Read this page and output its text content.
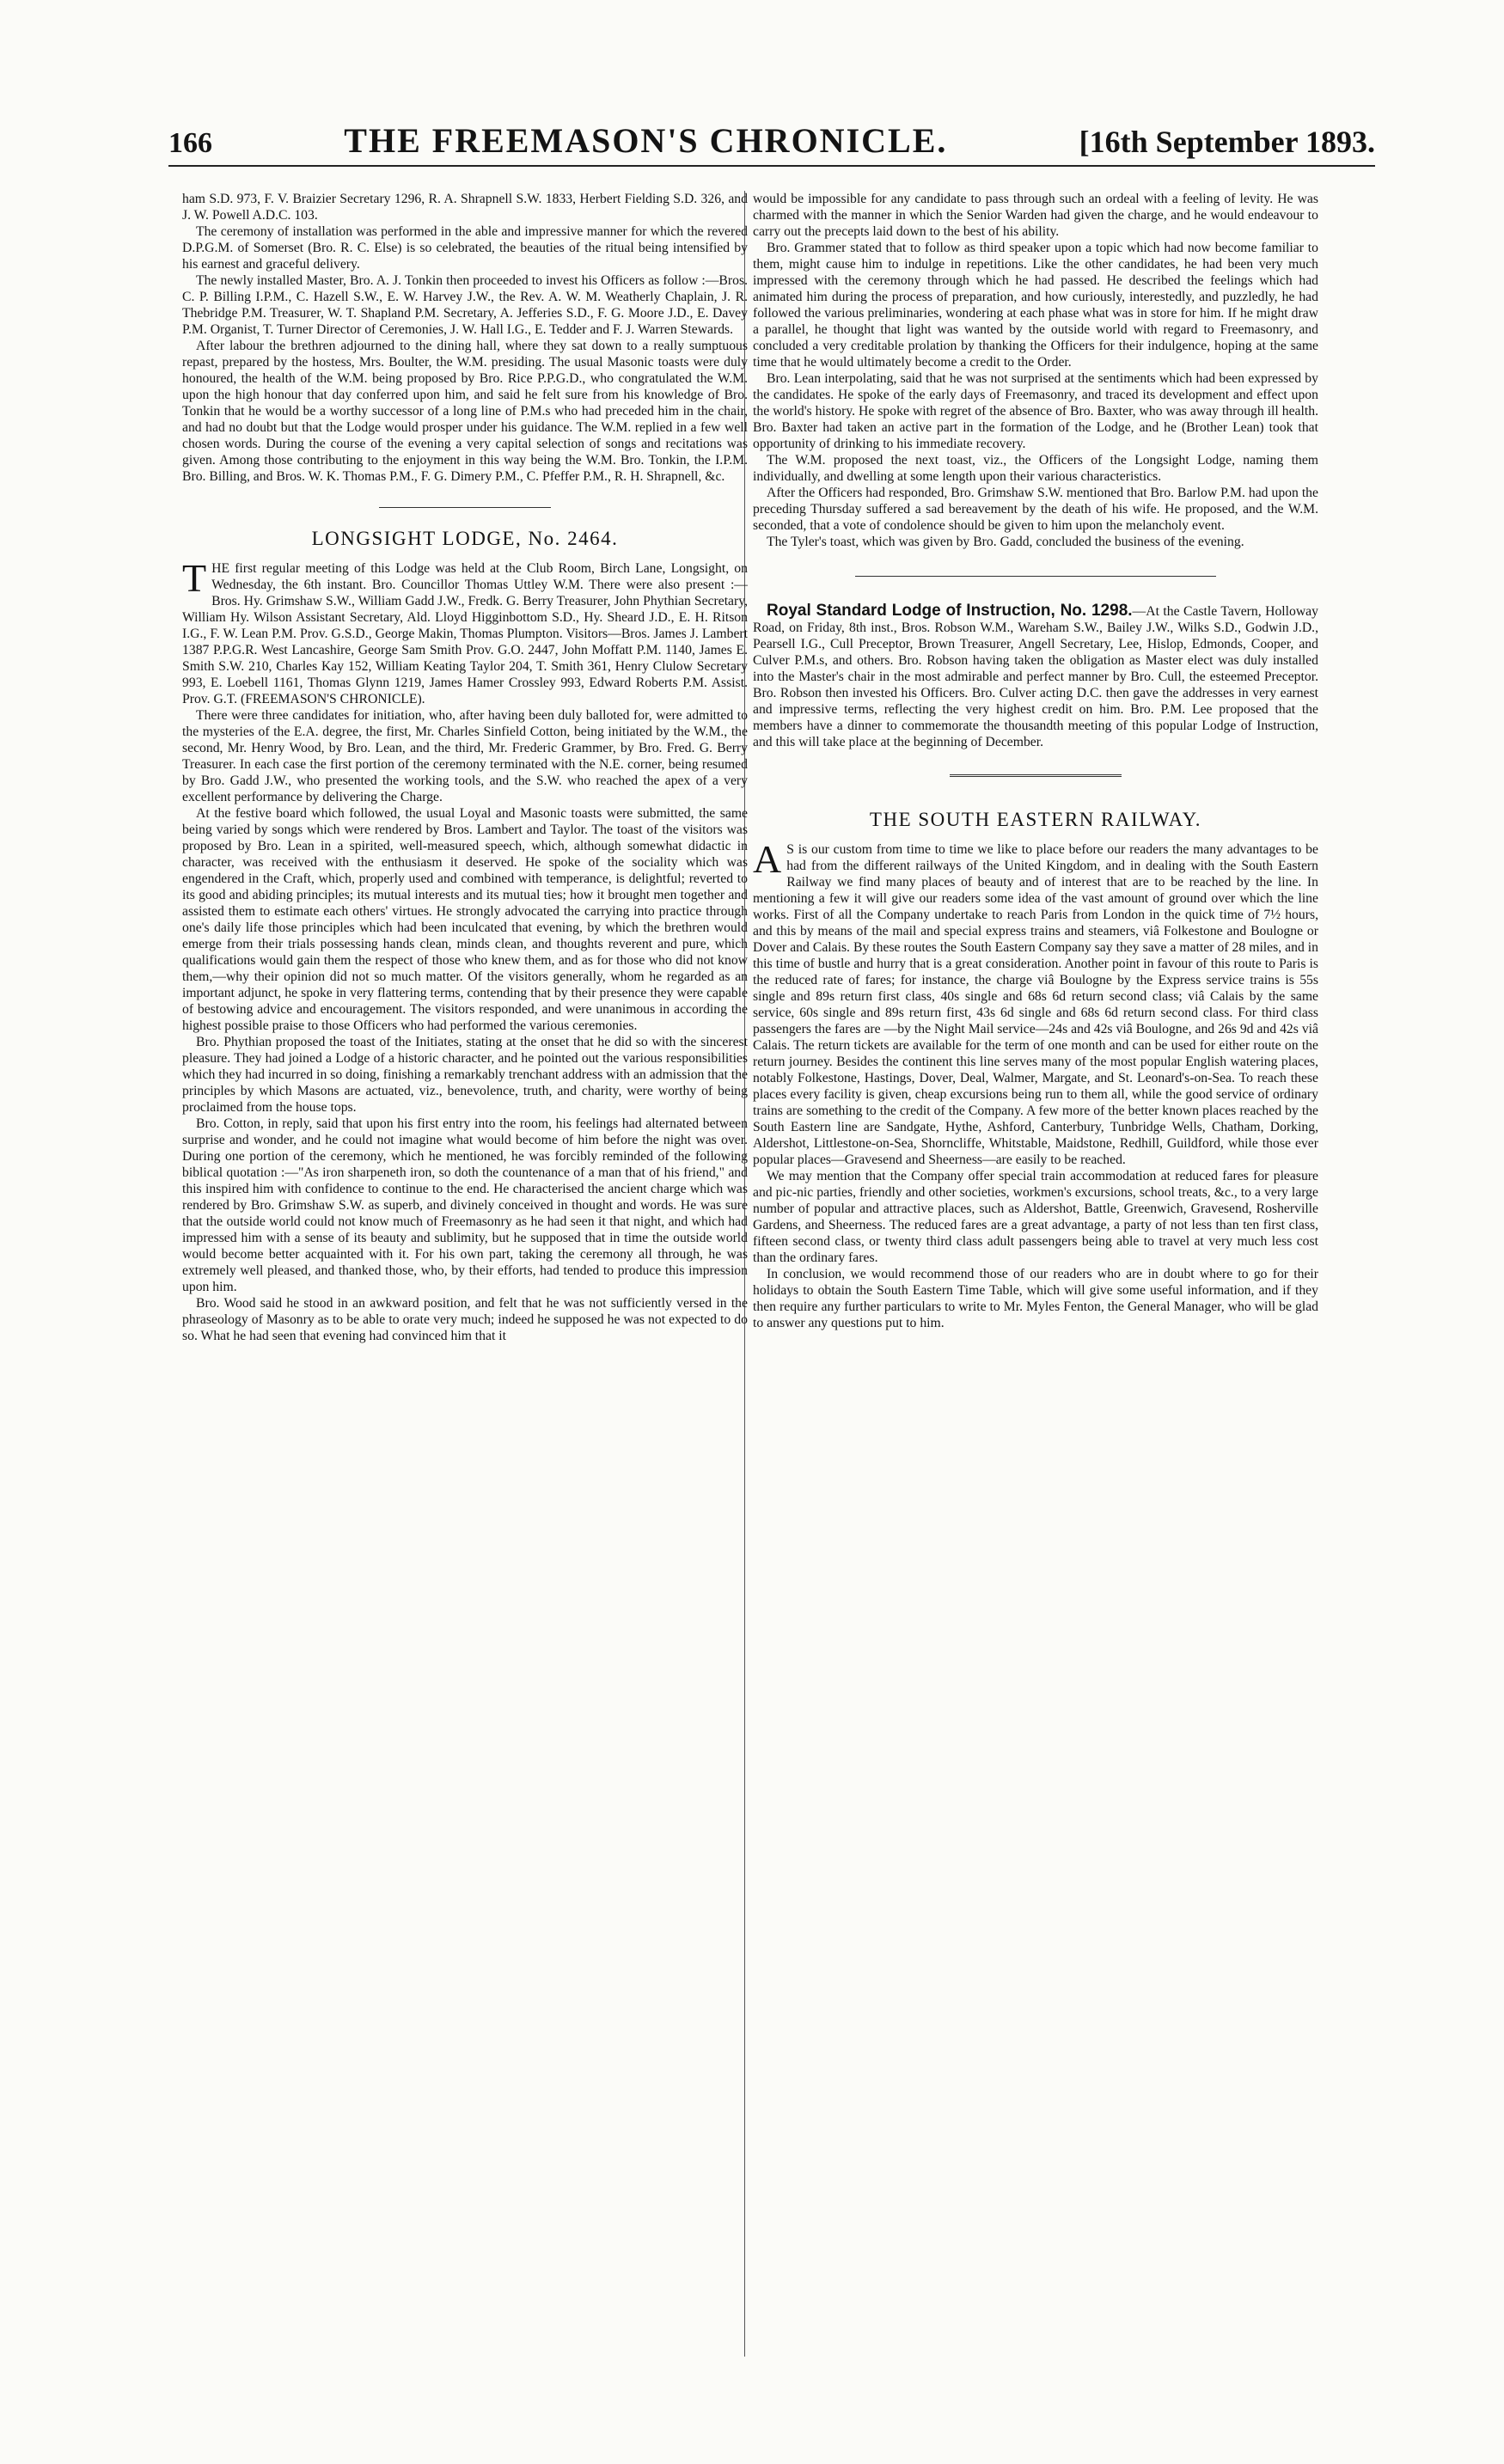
166	THE FREEMASON'S CHRONICLE.	[16th September 1893.

ham S.D. 973, F. V. Braizier Secretary 1296, R. A. Shrapnell S.W. 1833, Herbert Fielding S.D. 326, and J. W. Powell A.D.C. 103.

The ceremony of installation was performed in the able and impressive manner for which the revered D.P.G.M. of Somerset (Bro. R. C. Else) is so celebrated, the beauties of the ritual being intensified by his earnest and graceful delivery.

The newly installed Master, Bro. A. J. Tonkin then proceeded to invest his Officers as follow :—Bros. C. P. Billing I.P.M., C. Hazell S.W., E. W. Harvey J.W., the Rev. A. W. M. Weatherly Chaplain, J. R. Thebridge P.M. Treasurer, W. T. Shapland P.M. Secretary, A. Jefferies S.D., F. G. Moore J.D., E. Davey P.M. Organist, T. Turner Director of Ceremonies, J. W. Hall I.G., E. Tedder and F. J. Warren Stewards.

After labour the brethren adjourned to the dining hall, where they sat down to a really sumptuous repast, prepared by the hostess, Mrs. Boulter, the W.M. presiding. The usual Masonic toasts were duly honoured, the health of the W.M. being proposed by Bro. Rice P.P.G.D., who congratulated the W.M. upon the high honour that day conferred upon him, and said he felt sure from his knowledge of Bro. Tonkin that he would be a worthy successor of a long line of P.M.s who had preceded him in the chair, and had no doubt but that the Lodge would prosper under his guidance. The W.M. replied in a few well chosen words. During the course of the evening a very capital selection of songs and recitations was given. Among those contributing to the enjoyment in this way being the W.M. Bro. Tonkin, the I.P.M. Bro. Billing, and Bros. W. K. Thomas P.M., F. G. Dimery P.M., C. Pfeffer P.M., R. H. Shrapnell, &c.

LONGSIGHT LODGE, No. 2464.

THE first regular meeting of this Lodge was held at the Club Room, Birch Lane, Longsight, on Wednesday, the 6th instant. Bro. Councillor Thomas Uttley W.M. There were also present :— Bros. Hy. Grimshaw S.W., William Gadd J.W., Fredk. G. Berry Treasurer, John Phythian Secretary, William Hy. Wilson Assistant Secretary, Ald. Lloyd Higginbottom S.D., Hy. Sheard J.D., E. H. Ritson I.G., F. W. Lean P.M. Prov. G.S.D., George Makin, Thomas Plumpton. Visitors—Bros. James J. Lambert 1387 P.P.G.R. West Lancashire, George Sam Smith Prov. G.O. 2447, John Moffatt P.M. 1140, James E. Smith S.W. 210, Charles Kay 152, William Keating Taylor 204, T. Smith 361, Henry Clulow Secretary 993, E. Loebell 1161, Thomas Glynn 1219, James Hamer Crossley 993, Edward Roberts P.M. Assist. Prov. G.T. (FREEMASON'S CHRONICLE).

There were three candidates for initiation, who, after having been duly balloted for, were admitted to the mysteries of the E.A. degree, the first, Mr. Charles Sinfield Cotton, being initiated by the W.M., the second, Mr. Henry Wood, by Bro. Lean, and the third, Mr. Frederic Grammer, by Bro. Fred. G. Berry Treasurer. In each case the first portion of the ceremony terminated with the N.E. corner, being resumed by Bro. Gadd J.W., who presented the working tools, and the S.W. who reached the apex of a very excellent performance by delivering the Charge.

At the festive board which followed, the usual Loyal and Masonic toasts were submitted, the same being varied by songs which were rendered by Bros. Lambert and Taylor. The toast of the visitors was proposed by Bro. Lean in a spirited, well-measured speech, which, although somewhat didactic in character, was received with the enthusiasm it deserved. He spoke of the sociality which was engendered in the Craft, which, properly used and combined with temperance, is delightful; reverted to its good and abiding principles; its mutual interests and its mutual ties; how it brought men together and assisted them to estimate each others' virtues. He strongly advocated the carrying into practice through one's daily life those principles which had been inculcated that evening, by which the brethren would emerge from their trials possessing hands clean, minds clean, and thoughts reverent and pure, which qualifications would gain them the respect of those who knew them, and as for those who did not know them,—why their opinion did not so much matter. Of the visitors generally, whom he regarded as an important adjunct, he spoke in very flattering terms, contending that by their presence they were capable of bestowing advice and encouragement. The visitors responded, and were unanimous in according the highest possible praise to those Officers who had performed the various ceremonies.

Bro. Phythian proposed the toast of the Initiates, stating at the onset that he did so with the sincerest pleasure. They had joined a Lodge of a historic character, and he pointed out the various responsibilities which they had incurred in so doing, finishing a remarkably trenchant address with an admission that the principles by which Masons are actuated, viz., benevolence, truth, and charity, were worthy of being proclaimed from the house tops.

Bro. Cotton, in reply, said that upon his first entry into the room, his feelings had alternated between surprise and wonder, and he could not imagine what would become of him before the night was over. During one portion of the ceremony, which he mentioned, he was forcibly reminded of the following biblical quotation :—"As iron sharpeneth iron, so doth the countenance of a man that of his friend," and this inspired him with confidence to continue to the end. He characterised the ancient charge which was rendered by Bro. Grimshaw S.W. as superb, and divinely conceived in thought and words. He was sure that the outside world could not know much of Freemasonry as he had seen it that night, and which had impressed him with a sense of its beauty and sublimity, but he supposed that in time the outside world would become better acquainted with it. For his own part, taking the ceremony all through, he was extremely well pleased, and thanked those, who, by their efforts, had tended to produce this impression upon him.

Bro. Wood said he stood in an awkward position, and felt that he was not sufficiently versed in the phraseology of Masonry as to be able to orate very much; indeed he supposed he was not expected to do so. What he had seen that evening had convinced him that it

would be impossible for any candidate to pass through such an ordeal with a feeling of levity. He was charmed with the manner in which the Senior Warden had given the charge, and he would endeavour to carry out the precepts laid down to the best of his ability.

Bro. Grammer stated that to follow as third speaker upon a topic which had now become familiar to them, might cause him to indulge in repetitions. Like the other candidates, he had been very much impressed with the ceremony through which he had passed. He described the feelings which had animated him during the process of preparation, and how curiously, interestedly, and puzzledly, he had followed the various preliminaries, wondering at each phase what was in store for him. If he might draw a parallel, he thought that light was wanted by the outside world with regard to Freemasonry, and concluded a very creditable prolation by thanking the Officers for their indulgence, hoping at the same time that he would ultimately become a credit to the Order.

Bro. Lean interpolating, said that he was not surprised at the sentiments which had been expressed by the candidates. He spoke of the early days of Freemasonry, and traced its development and effect upon the world's history. He spoke with regret of the absence of Bro. Baxter, who was away through ill health. Bro. Baxter had taken an active part in the formation of the Lodge, and he (Brother Lean) took that opportunity of drinking to his immediate recovery.

The W.M. proposed the next toast, viz., the Officers of the Longsight Lodge, naming them individually, and dwelling at some length upon their various characteristics.

After the Officers had responded, Bro. Grimshaw S.W. mentioned that Bro. Barlow P.M. had upon the preceding Thursday suffered a sad bereavement by the death of his wife. He proposed, and the W.M. seconded, that a vote of condolence should be given to him upon the melancholy event.

The Tyler's toast, which was given by Bro. Gadd, concluded the business of the evening.

Royal Standard Lodge of Instruction, No. 1298.—At the Castle Tavern, Holloway Road, on Friday, 8th inst., Bros. Robson W.M., Wareham S.W., Bailey J.W., Wilks S.D., Godwin J.D., Pearsell I.G., Cull Preceptor, Brown Treasurer, Angell Secretary, Lee, Hislop, Edmonds, Cooper, and Culver P.M.s, and others. Bro. Robson having taken the obligation as Master elect was duly installed into the Master's chair in the most admirable and perfect manner by Bro. Cull, the esteemed Preceptor. Bro. Robson then invested his Officers. Bro. Culver acting D.C. then gave the addresses in very earnest and impressive terms, reflecting the very highest credit on him. Bro. P.M. Lee proposed that the members have a dinner to commemorate the thousandth meeting of this popular Lodge of Instruction, and this will take place at the beginning of December.

THE SOUTH EASTERN RAILWAY.

A S is our custom from time to time we like to place before our readers the many advantages to be had from the different railways of the United Kingdom, and in dealing with the South Eastern Railway we find many places of beauty and of interest that are to be reached by the line. In mentioning a few it will give our readers some idea of the vast amount of ground over which the line works. First of all the Company undertake to reach Paris from London in the quick time of 7½ hours, and this by means of the mail and special express trains and steamers, viâ Folkestone and Boulogne or Dover and Calais. By these routes the South Eastern Company say they save a matter of 28 miles, and in this time of bustle and hurry that is a great consideration. Another point in favour of this route to Paris is the reduced rate of fares; for instance, the charge viâ Boulogne by the Express service trains is 55s single and 89s return first class, 40s single and 68s 6d return second class; viâ Calais by the same service, 60s single and 89s return first, 43s 6d single and 68s 6d return second class. For third class passengers the fares are —by the Night Mail service—24s and 42s viâ Boulogne, and 26s 9d and 42s viâ Calais. The return tickets are available for the term of one month and can be used for either route on the return journey. Besides the continent this line serves many of the most popular English watering places, notably Folkestone, Hastings, Dover, Deal, Walmer, Margate, and St. Leonard's-on-Sea. To reach these places every facility is given, cheap excursions being run to them all, while the good service of ordinary trains are something to the credit of the Company. A few more of the better known places reached by the South Eastern line are Sandgate, Hythe, Ashford, Canterbury, Tunbridge Wells, Chatham, Dorking, Aldershot, Littlestone-on-Sea, Shorncliffe, Whitstable, Maidstone, Redhill, Guildford, while those ever popular places—Gravesend and Sheerness—are easily to be reached.

We may mention that the Company offer special train accommodation at reduced fares for pleasure and pic-nic parties, friendly and other societies, workmen's excursions, school treats, &c., to a very large number of popular and attractive places, such as Aldershot, Battle, Greenwich, Gravesend, Rosherville Gardens, and Sheerness. The reduced fares are a great advantage, a party of not less than ten first class, fifteen second class, or twenty third class adult passengers being able to travel at very much less cost than the ordinary fares.

In conclusion, we would recommend those of our readers who are in doubt where to go for their holidays to obtain the South Eastern Time Table, which will give some useful information, and if they then require any further particulars to write to Mr. Myles Fenton, the General Manager, who will be glad to answer any questions put to him.
